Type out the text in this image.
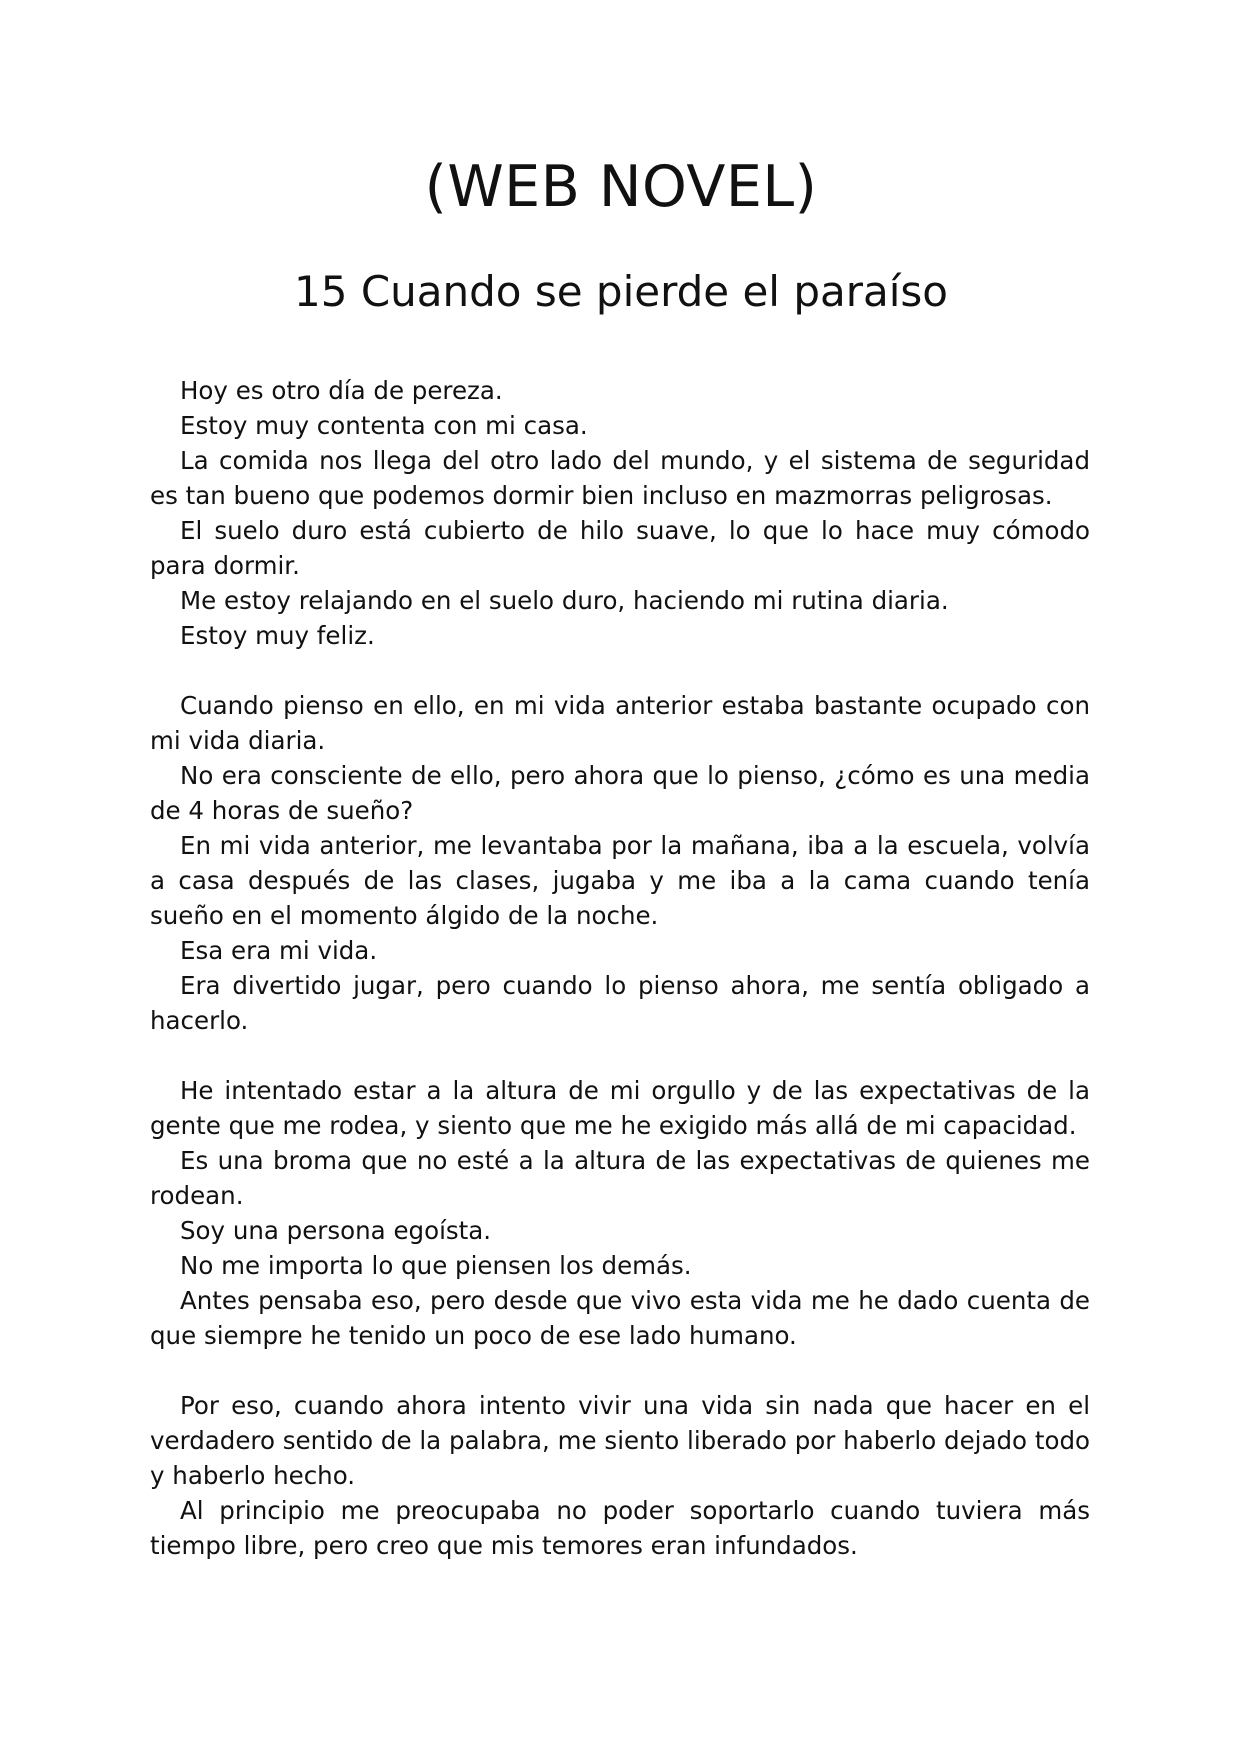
(WEB NOVEL)
15 Cuando se pierde el paraíso

Hoy es otro día de pereza.

Estoy muy contenta con mi casa.

La comida nos llega del otro lado del mundo, y el sistema de seguridad es tan bueno que podemos dormir bien incluso en mazmorras peligrosas.

El suelo duro está cubierto de hilo suave, lo que lo hace muy cómodo para dormir.

Me estoy relajando en el suelo duro, haciendo mi rutina diaria.

Estoy muy feliz.

Cuando pienso en ello, en mi vida anterior estaba bastante ocupado con mi vida diaria.

No era consciente de ello, pero ahora que lo pienso, ¿cómo es una media de 4 horas de sueño?

En mi vida anterior, me levantaba por la mañana, iba a la escuela, volvía a casa después de las clases, jugaba y me iba a la cama cuando tenía sueño en el momento álgido de la noche.

Esa era mi vida.

Era divertido jugar, pero cuando lo pienso ahora, me sentía obligado a hacerlo.

He intentado estar a la altura de mi orgullo y de las expectativas de la gente que me rodea, y siento que me he exigido más allá de mi capacidad.

Es una broma que no esté a la altura de las expectativas de quienes me rodean.

Soy una persona egoísta.

No me importa lo que piensen los demás.

Antes pensaba eso, pero desde que vivo esta vida me he dado cuenta de que siempre he tenido un poco de ese lado humano.

Por eso, cuando ahora intento vivir una vida sin nada que hacer en el verdadero sentido de la palabra, me siento liberado por haberlo dejado todo y haberlo hecho.

Al principio me preocupaba no poder soportarlo cuando tuviera más tiempo libre, pero creo que mis temores eran infundados.
